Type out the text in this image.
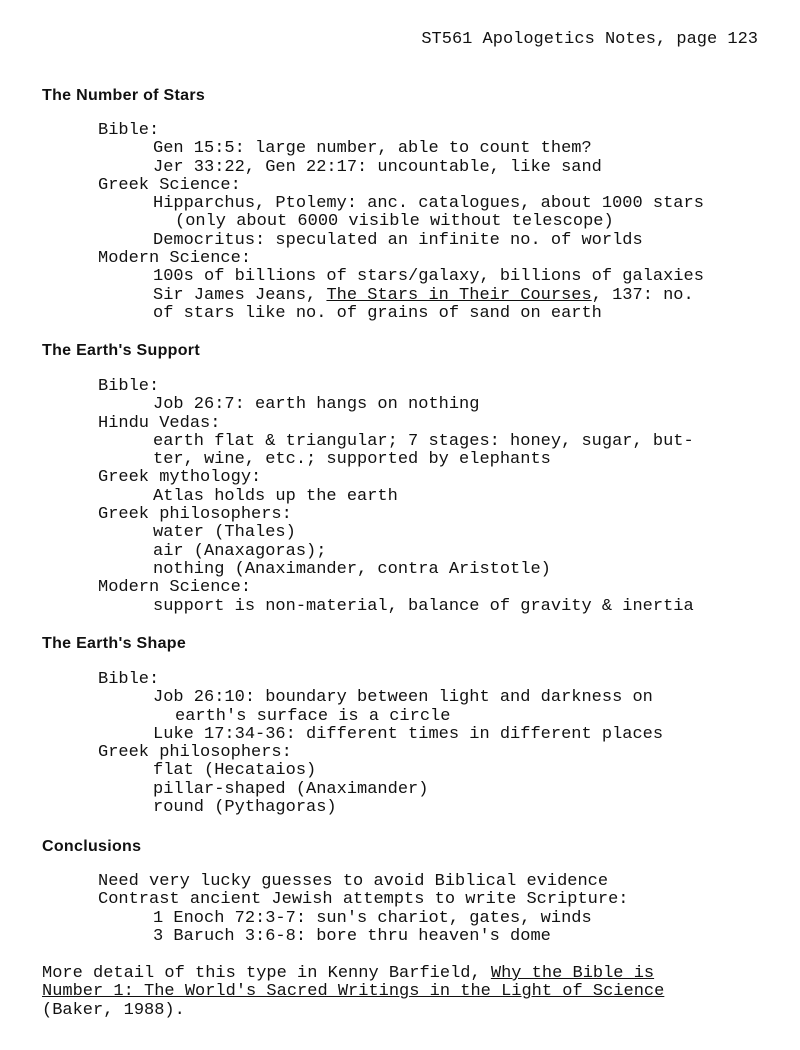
ST561 Apologetics Notes, page 123
The Number of Stars
Bible:
Gen 15:5: large number, able to count them?
Jer 33:22, Gen 22:17: uncountable, like sand
Greek Science:
Hipparchus, Ptolemy: anc. catalogues, about 1000 stars
(only about 6000 visible without telescope)
Democritus: speculated an infinite no. of worlds
Modern Science:
100s of billions of stars/galaxy, billions of galaxies
Sir James Jeans, The Stars in Their Courses, 137: no.
of stars like no. of grains of sand on earth
The Earth's Support
Bible:
Job 26:7: earth hangs on nothing
Hindu Vedas:
earth flat & triangular; 7 stages: honey, sugar, but-
ter, wine, etc.; supported by elephants
Greek mythology:
Atlas holds up the earth
Greek philosophers:
water (Thales)
air (Anaxagoras);
nothing (Anaximander, contra Aristotle)
Modern Science:
support is non-material, balance of gravity & inertia
The Earth's Shape
Bible:
Job 26:10: boundary between light and darkness on
earth's surface is a circle
Luke 17:34-36: different times in different places
Greek philosophers:
flat (Hecataios)
pillar-shaped (Anaximander)
round (Pythagoras)
Conclusions
Need very lucky guesses to avoid Biblical evidence
Contrast ancient Jewish attempts to write Scripture:
1 Enoch 72:3-7: sun's chariot, gates, winds
3 Baruch 3:6-8: bore thru heaven's dome
More detail of this type in Kenny Barfield, Why the Bible is
Number 1: The World's Sacred Writings in the Light of Science
(Baker, 1988).
